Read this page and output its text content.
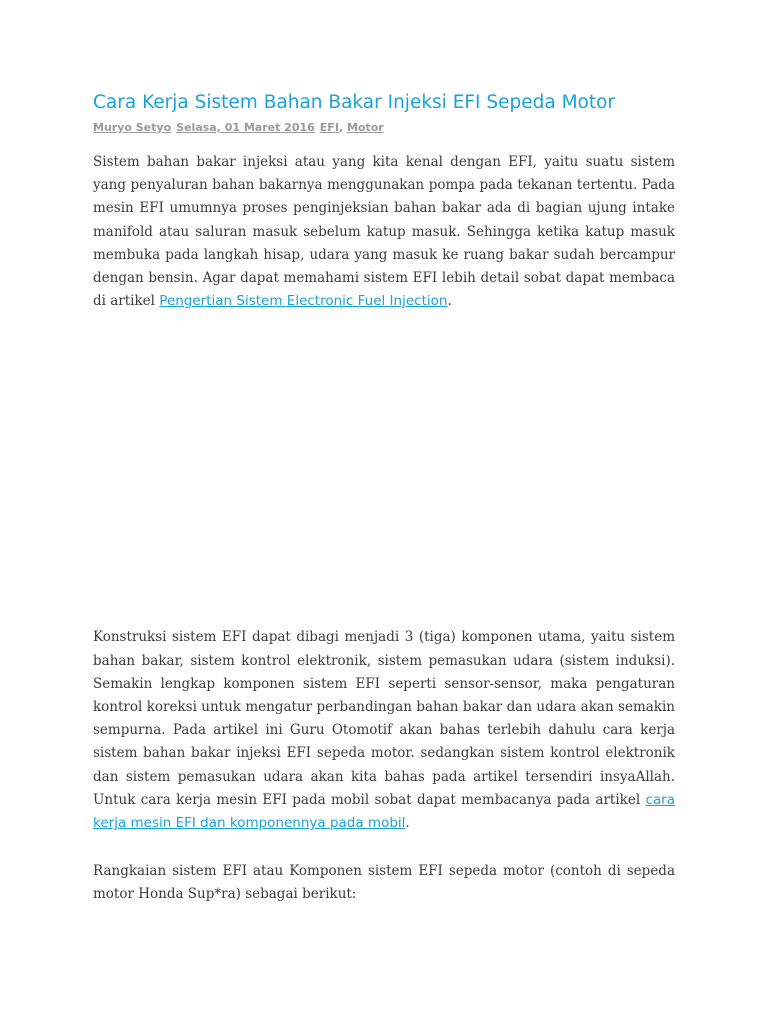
Cara Kerja Sistem Bahan Bakar Injeksi EFI Sepeda Motor
Muryo Setyo Selasa, 01 Maret 2016 EFI, Motor

Sistem bahan bakar injeksi atau yang kita kenal dengan EFI, yaitu suatu sistem yang penyaluran bahan bakarnya menggunakan pompa pada tekanan tertentu. Pada mesin EFI umumnya proses penginjeksian bahan bakar ada di bagian ujung intake manifold atau saluran masuk sebelum katup masuk. Sehingga ketika katup masuk membuka pada langkah hisap, udara yang masuk ke ruang bakar sudah bercampur dengan bensin. Agar dapat memahami sistem EFI lebih detail sobat dapat membaca di artikel Pengertian Sistem Electronic Fuel Injection.

Konstruksi sistem EFI dapat dibagi menjadi 3 (tiga) komponen utama, yaitu sistem bahan bakar, sistem kontrol elektronik, sistem pemasukan udara (sistem induksi). Semakin lengkap komponen sistem EFI seperti sensor-sensor, maka pengaturan kontrol koreksi untuk mengatur perbandingan bahan bakar dan udara akan semakin sempurna. Pada artikel ini Guru Otomotif akan bahas terlebih dahulu cara kerja sistem bahan bakar injeksi EFI sepeda motor. sedangkan sistem kontrol elektronik dan sistem pemasukan udara akan kita bahas pada artikel tersendiri insyaAllah. Untuk cara kerja mesin EFI pada mobil sobat dapat membacanya pada artikel cara kerja mesin EFI dan komponennya pada mobil.

Rangkaian sistem EFI atau Komponen sistem EFI sepeda motor (contoh di sepeda motor Honda Sup*ra) sebagai berikut:
